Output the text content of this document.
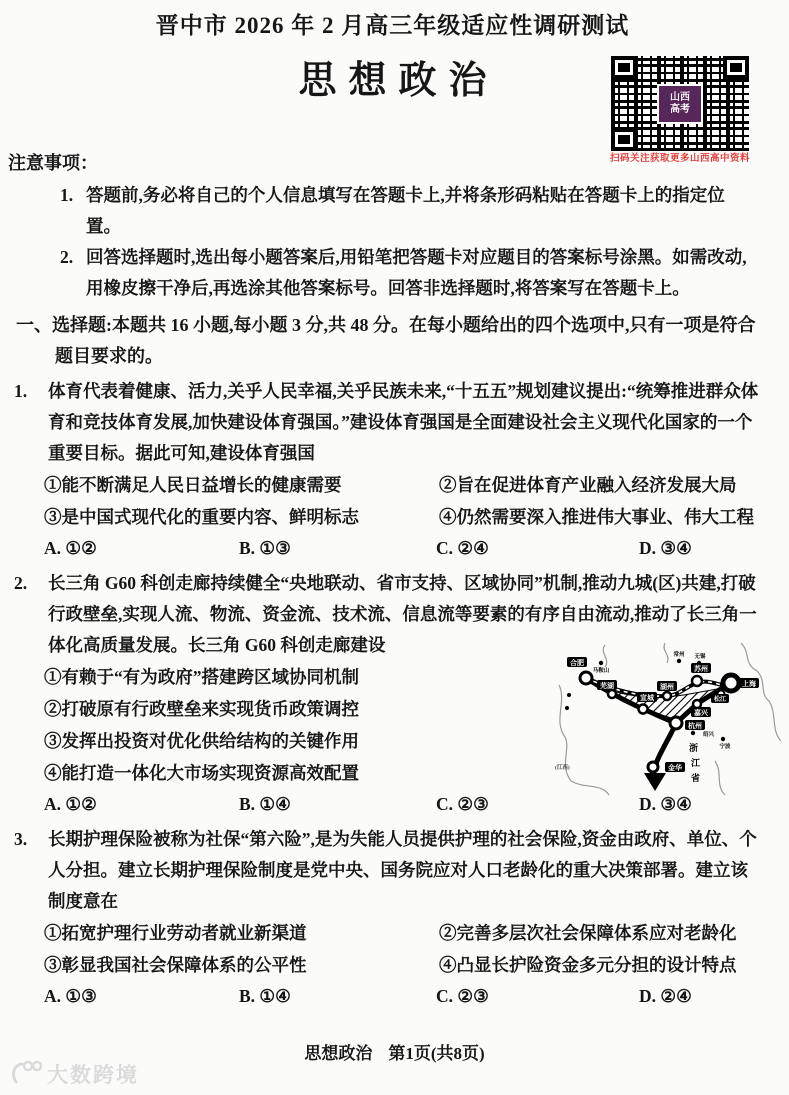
晋中市 2026 年 2 月高三年级适应性调研测试
思想政治	山西
高考
扫码关注获取更多山西高中资料
注意事项：
1. 答题前,务必将自己的个人信息填写在答题卡上,并将条形码粘贴在答题卡上的指定位置。
2. 回答选择题时,选出每小题答案后,用铅笔把答题卡对应题目的答案标号涂黑。如需改动,用橡皮擦干净后,再选涂其他答案标号。回答非选择题时,将答案写在答题卡上。
一、选择题:本题共 16 小题,每小题 3 分,共 48 分。在每小题给出的四个选项中,只有一项是符合题目要求的。
1. 体育代表着健康、活力,关乎人民幸福,关乎民族未来,“十五五”规划建议提出:“统筹推进群众体育和竞技体育发展,加快建设体育强国。”建设体育强国是全面建设社会主义现代化国家的一个重要目标。据此可知,建设体育强国
①能不断满足人民日益增长的健康需要	②旨在促进体育产业融入经济发展大局
③是中国式现代化的重要内容、鲜明标志	④仍然需要深入推进伟大事业、伟大工程
A. ①②	B. ①③	C. ②④	D. ③④
2. 长三角 G60 科创走廊持续健全“央地联动、省市支持、区域协同”机制,推动九城(区)共建,打破行政壁垒,实现人流、物流、资金流、技术流、信息流等要素的有序自由流动,推动了长三角一体化高质量发展。长三角 G60 科创走廊建设
①有赖于“有为政府”搭建跨区域协同机制
②打破原有行政壁垒来实现货币政策调控
③发挥出投资对优化供给结构的关键作用
④能打造一体化大市场实现资源高效配置
A. ①②	B. ①④	C. ②③	D. ③④
3. 长期护理保险被称为社保“第六险”,是为失能人员提供护理的社会保险,资金由政府、单位、个人分担。建立长期护理保险制度是党中央、国务院应对人口老龄化的重大决策部署。建立该制度意在
①拓宽护理行业劳动者就业新渠道	②完善多层次社会保障体系应对老龄化
③彰显我国社会保障体系的公平性	④凸显长护险资金多元分担的设计特点
A. ①③	B. ①④	C. ②③	D. ②④
合肥
芜湖
宣城
湖州
苏州
上海
松江
嘉兴
杭州
金华
马鞍山
常州 无锡
绍兴
宁波
浙
江
省
(江西)
思想政治 第1页(共8页)
大数跨境
